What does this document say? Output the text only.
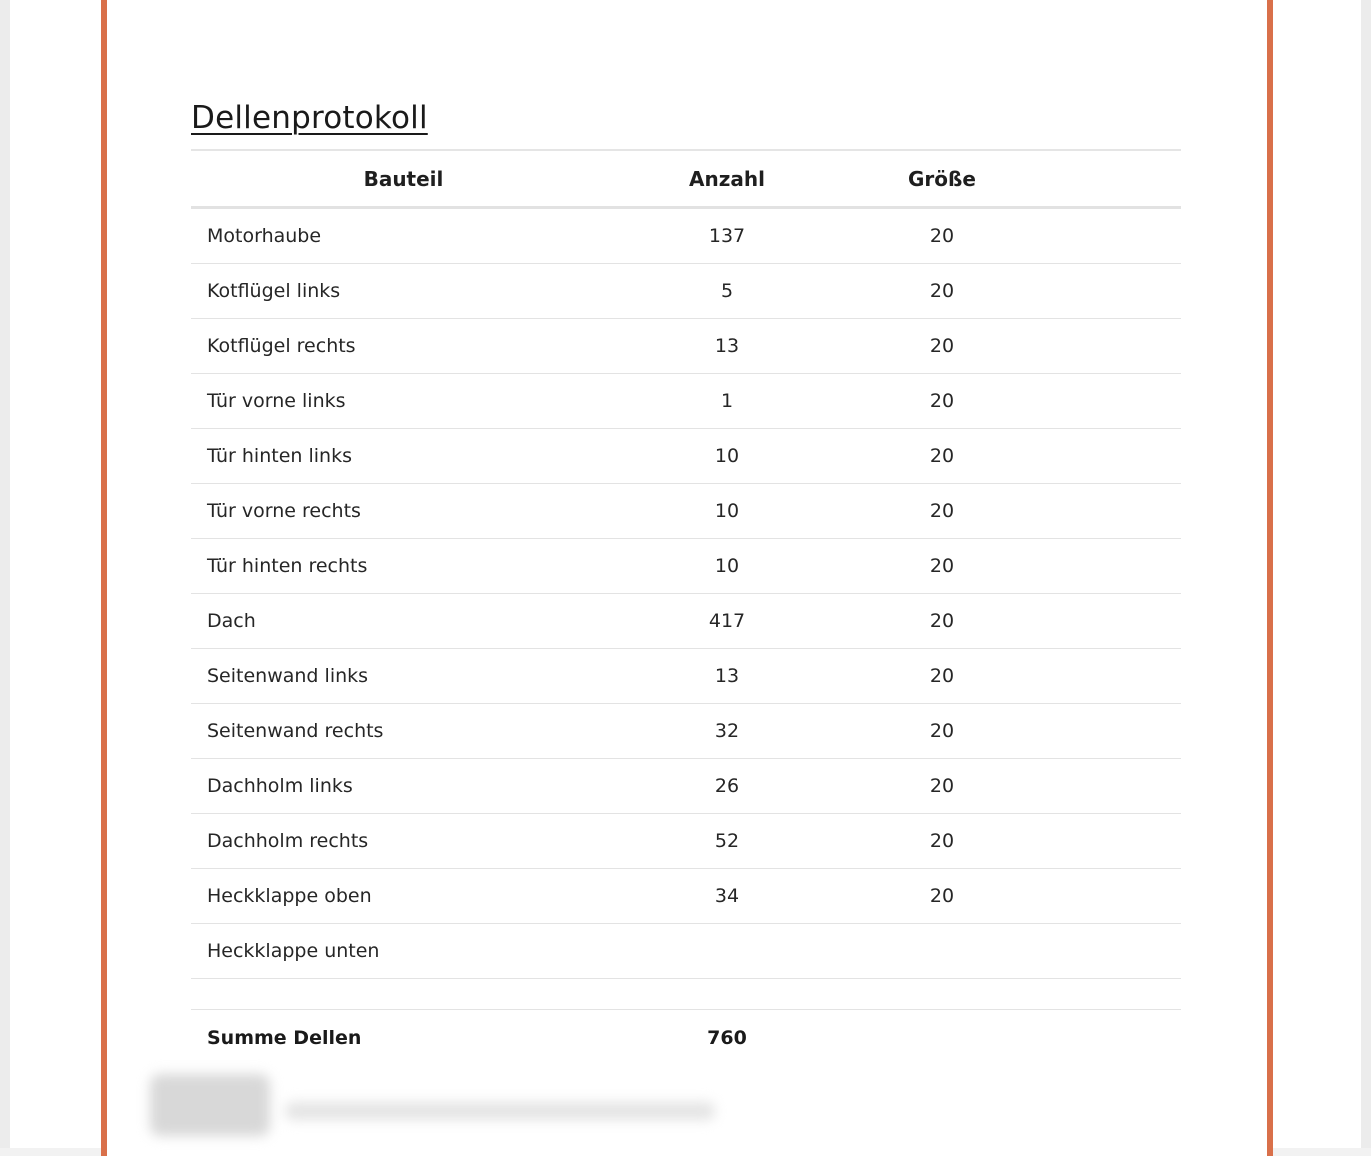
Dellenprotokoll
Bauteil	Anzahl	Größe	
Motorhaube	137	20	
Kotflügel links	5	20	
Kotflügel rechts	13	20	
Tür vorne links	1	20	
Tür hinten links	10	20	
Tür vorne rechts	10	20	
Tür hinten rechts	10	20	
Dach	417	20	
Seitenwand links	13	20	
Seitenwand rechts	32	20	
Dachholm links	26	20	
Dachholm rechts	52	20	
Heckklappe oben	34	20	
Heckklappe unten			

Summe Dellen	760		
